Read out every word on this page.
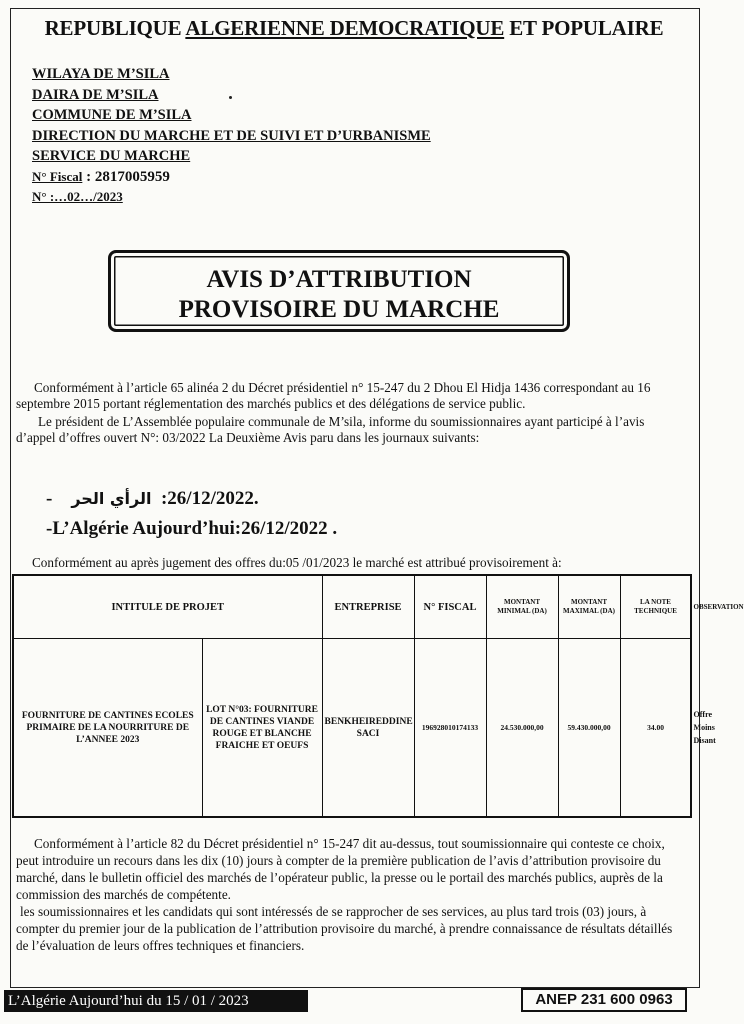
REPUBLIQUE ALGERIENNE DEMOCRATIQUE ET POPULAIRE
WILAYA DE M’SILA
DAIRA DE M’SILA
COMMUNE DE M’SILA
DIRECTION DU MARCHE ET DE SUIVI ET D’URBANISME
SERVICE DU MARCHE
N° Fiscal : 2817005959
N° :…02…/2023
AVIS D’ATTRIBUTION
PROVISOIRE DU MARCHE
Conformément à l’article 65 alinéa 2 du Décret présidentiel n° 15-247 du 2 Dhou El Hidja 1436 correspondant au 16 septembre 2015 portant réglementation des marchés publics et des délégations de service public.
Le président de L’Assemblée populaire communale de M’sila, informe du soumissionnaires ayant participé à l’avis d’appel d’offres ouvert N°: 03/2022 La Deuxième Avis paru dans les journaux suivants:
-    الرأي الحر :26/12/2022.
-L’Algérie Aujourd’hui:26/12/2022 .
Conformément au après jugement des offres du:05 /01/2023 le marché est attribué provisoirement à:
INTITULE DE PROJET		ENTREPRISE	N° FISCAL	MONTANT MINIMAL (DA)	MONTANT MAXIMAL (DA)	LA NOTE TECHNIQUE	OBSERVATION
FOURNITURE DE CANTINES ECOLES PRIMAIRE DE LA NOURRITURE DE L’ANNEE 2023	LOT N°03: FOURNITURE DE CANTINES VIANDE ROUGE ET BLANCHE FRAICHE ET OEUFS	BENKHEIREDDINE SACI	196928010174133	24.530.000,00	59.430.000,00	34.00	Offre Moins Disant
Conformément à l’article 82 du Décret présidentiel n° 15-247 dit au-dessus, tout soumissionnaire qui conteste ce choix, peut introduire un recours dans les dix (10) jours à compter de la première publication de l’avis d’attribution provisoire du marché, dans le bulletin officiel des marchés de l’opérateur public, la presse ou le portail des marchés publics, auprès de la commission des marchés de compétente.
les soumissionnaires et les candidats qui sont intéressés de se rapprocher de ses services, au plus tard trois (03) jours, à compter du premier jour de la publication de l’attribution provisoire du marché, à prendre connaissance de résultats détaillés de l’évaluation de leurs offres techniques et financiers.
L’Algérie Aujourd’hui du 15 / 01 / 2023	ANEP 231 600 0963
